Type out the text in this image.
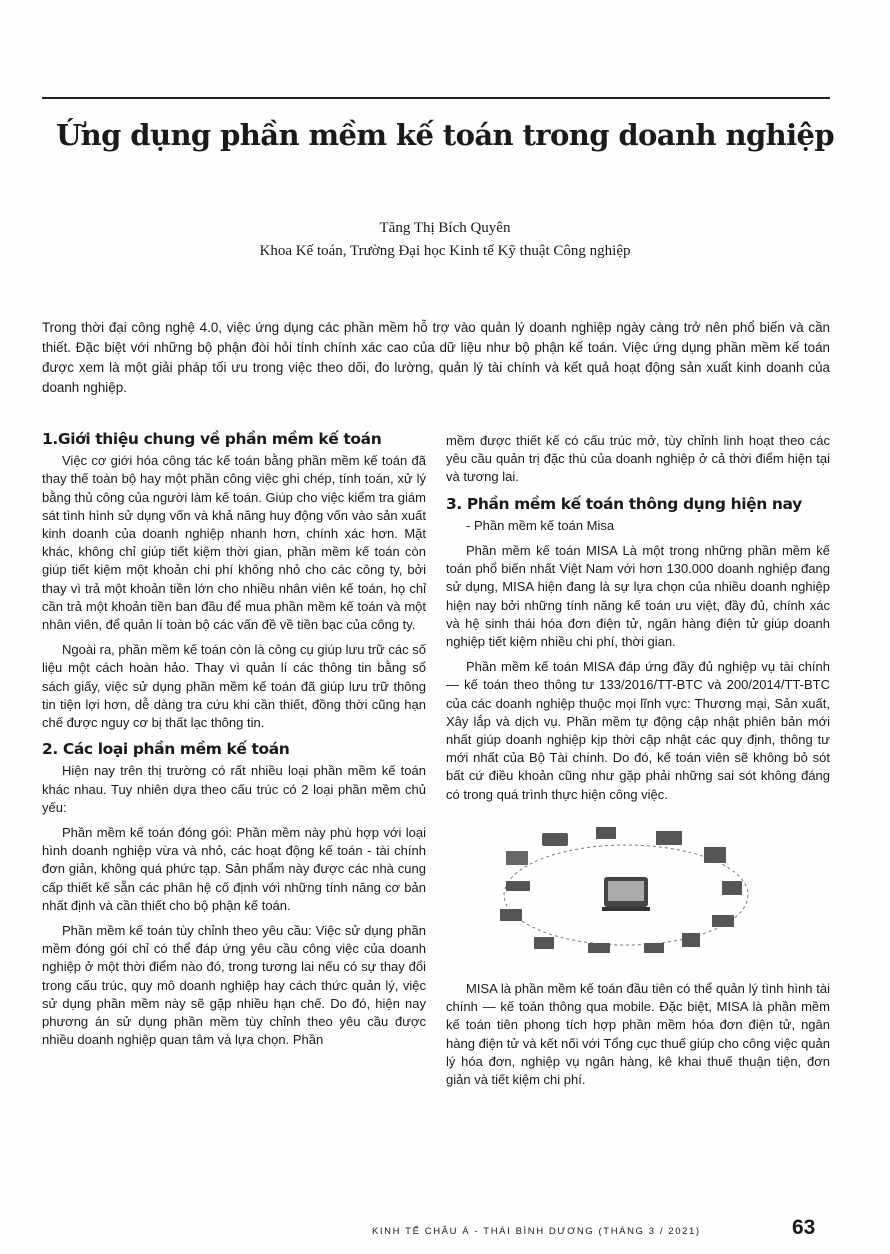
Ứng dụng phần mềm kế toán trong doanh nghiệp
Tăng Thị Bích Quyên
Khoa Kế toán, Trường Đại học Kinh tế Kỹ thuật Công nghiệp
Trong thời đại công nghệ 4.0, việc ứng dụng các phần mềm hỗ trợ vào quản lý doanh nghiệp ngày càng trở nên phổ biến và cần thiết. Đặc biệt với những bộ phận đòi hỏi tính chính xác cao của dữ liệu như bộ phận kế toán. Việc ứng dụng phần mềm kế toán được xem là một giải pháp tối ưu trong việc theo dõi, đo lường, quản lý tài chính và kết quả hoạt động sản xuất kinh doanh của doanh nghiệp.
1.Giới thiệu chung về phần mềm kế toán

Việc cơ giới hóa công tác kế toán bằng phần mềm kế toán đã thay thế toàn bộ hay một phần công việc ghi chép, tính toán, xử lý bằng thủ công của người làm kế toán. Giúp cho việc kiểm tra giám sát tình hình sử dụng vốn và khả năng huy động vốn vào sản xuất kinh doanh của doanh nghiệp nhanh hơn, chính xác hơn. Mặt khác, không chỉ giúp tiết kiệm thời gian, phần mềm kế toán còn giúp tiết kiệm một khoản chi phí không nhỏ cho các công ty, bởi thay vì trả một khoản tiền lớn cho nhiều nhân viên kế toán, họ chỉ cần trả một khoản tiền ban đầu để mua phần mềm kế toán và một nhân viên, để quản lí toàn bộ các vấn đề về tiền bạc của công ty.

Ngoài ra, phần mềm kế toán còn là công cụ giúp lưu trữ các số liệu một cách hoàn hảo. Thay vì quản lí các thông tin bằng sổ sách giấy, việc sử dụng phần mềm kế toán đã giúp lưu trữ thông tin tiện lợi hơn, dễ dàng tra cứu khi cần thiết, đồng thời cũng hạn chế được nguy cơ bị thất lạc thông tin.

2. Các loại phần mềm kế toán

Hiện nay trên thị trường có rất nhiều loại phần mềm kế toán khác nhau. Tuy nhiên dựa theo cấu trúc có 2 loại phần mềm chủ yếu:

Phần mềm kế toán đóng gói: Phần mềm này phù hợp với loại hình doanh nghiệp vừa và nhỏ, các hoạt động kế toán - tài chính đơn giản, không quá phức tạp. Sản phẩm này được các nhà cung cấp thiết kế sẵn các phân hệ cố định với những tính năng cơ bản nhất định và cần thiết cho bộ phận kế toán.

Phần mềm kế toán tùy chỉnh theo yêu cầu: Việc sử dụng phần mềm đóng gói chỉ có thể đáp ứng yêu cầu công việc của doanh nghiệp ở một thời điểm nào đó, trong tương lai nếu có sự thay đổi trong cấu trúc, quy mô doanh nghiệp hay cách thức quản lý, việc sử dụng phần mềm này sẽ gặp nhiều hạn chế. Do đó, hiện nay phương án sử dụng phần mềm tùy chỉnh theo yêu cầu được nhiều doanh nghiệp quan tâm và lựa chọn. Phần

mềm được thiết kế có cấu trúc mở, tùy chỉnh linh hoạt theo các yêu cầu quản trị đặc thù của doanh nghiệp ở cả thời điểm hiện tại và tương lai.

3. Phần mềm kế toán thông dụng hiện nay

- Phần mềm kế toán Misa

Phần mềm kế toán MISA Là một trong những phần mềm kế toán phổ biến nhất Việt Nam với hơn 130.000 doanh nghiệp đang sử dụng, MISA hiện đang là sự lựa chọn của nhiều doanh nghiệp hiện nay bởi những tính năng kế toán ưu việt, đầy đủ, chính xác và hệ sinh thái hóa đơn điện tử, ngân hàng điện tử giúp doanh nghiệp tiết kiệm nhiều chi phí, thời gian.

Phần mềm kế toán MISA đáp ứng đầy đủ nghiệp vụ tài chính — kế toán theo thông tư 133/2016/TT-BTC và 200/2014/TT-BTC của các doanh nghiệp thuộc mọi lĩnh vực: Thương mại, Sản xuất, Xây lắp và dịch vụ. Phần mềm tự động cập nhật phiên bản mới nhất giúp doanh nghiệp kịp thời cập nhật các quy định, thông tư mới nhất của Bộ Tài chính. Do đó, kế toán viên sẽ không bỏ sót bất cứ điều khoản cũng như gặp phải những sai sót không đáng có trong quá trình thực hiện công việc.

MISA là phần mềm kế toán đầu tiên có thể quản lý tình hình tài chính — kế toán thông qua mobile. Đặc biệt, MISA là phần mềm kế toán tiên phong tích hợp phần mềm hóa đơn điện tử, ngân hàng điện tử và kết nối với Tổng cục thuế giúp cho công việc quản lý hóa đơn, nghiệp vụ ngân hàng, kê khai thuế thuận tiện, đơn giản và tiết kiệm chi phí.

KINH TẾ CHÂU Á - THÁI BÌNH DƯƠNG (THÁNG 3 / 2021)	63
